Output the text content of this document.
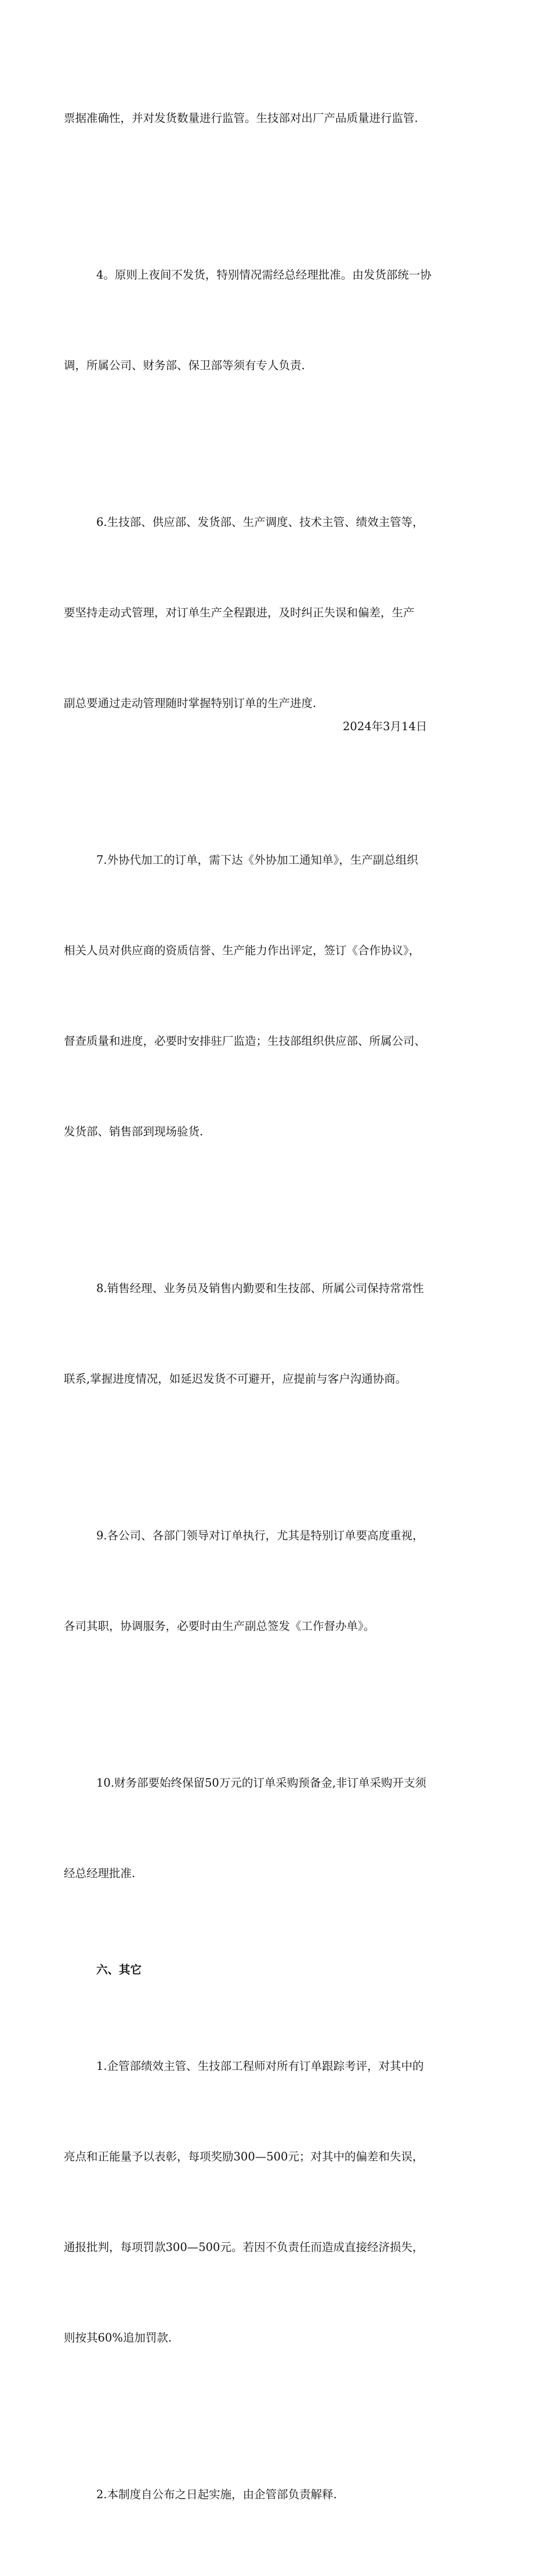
票据准确性，并对发货数量进行监管。生技部对出厂产品质量进行监管.

4。原则上夜间不发货，特别情况需经总经理批准。由发货部统一协

调，所属公司、财务部、保卫部等须有专人负责.

6.生技部、供应部、发货部、生产调度、技术主管、绩效主管等，

要坚持走动式管理，对订单生产全程跟进，及时纠正失误和偏差，生产

副总要通过走动管理随时掌握特别订单的生产进度.

7.外协代加工的订单，需下达《外协加工通知单》，生产副总组织

相关人员对供应商的资质信誉、生产能力作出评定，签订《合作协议》，

督查质量和进度，必要时安排驻厂监造；生技部组织供应部、所属公司、

发货部、销售部到现场验货.

8.销售经理、业务员及销售内勤要和生技部、所属公司保持常常性

联系,掌握进度情况，如延迟发货不可避开，应提前与客户沟通协商。

9.各公司、各部门领导对订单执行，尤其是特别订单要高度重视，

各司其职，协调服务，必要时由生产副总签发《工作督办单》。

10.财务部要始终保留50万元的订单采购预备金,非订单采购开支须

经总经理批准.

六、其它

1.企管部绩效主管、生技部工程师对所有订单跟踪考评，对其中的

亮点和正能量予以表彰，每项奖励300—500元；对其中的偏差和失误，

通报批判，每项罚款300—500元。若因不负责任而造成直接经济损失，

则按其60%追加罚款.

2.本制度自公布之日起实施，由企管部负责解释.

2024年3月14日
